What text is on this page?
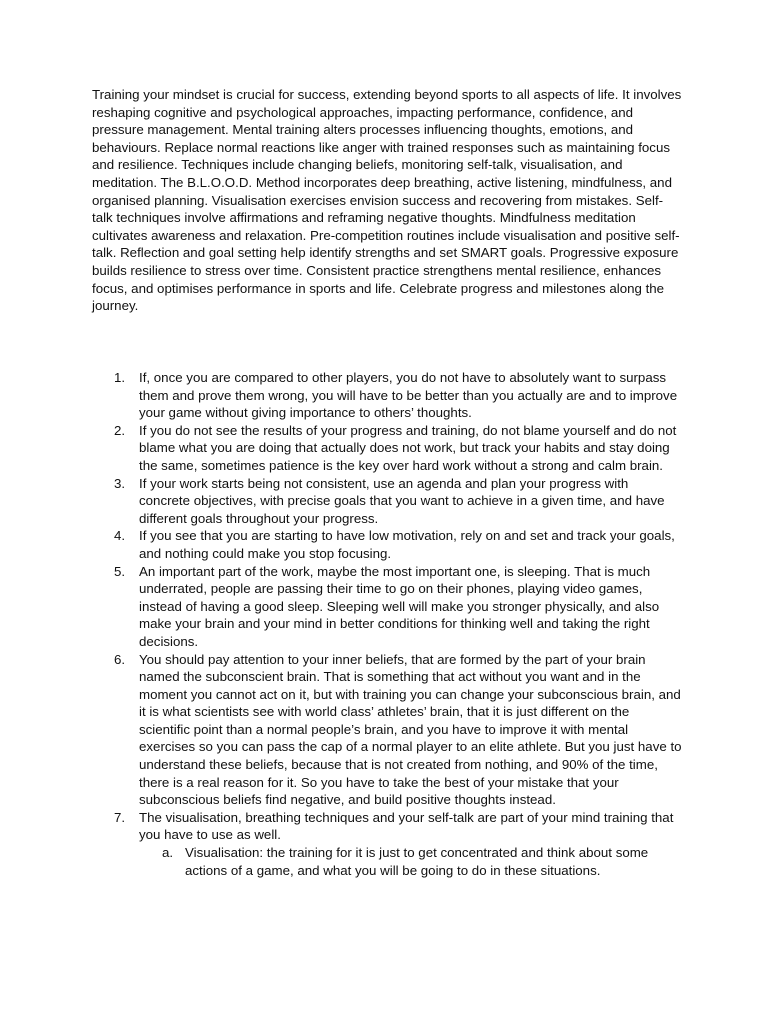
Training your mindset is crucial for success, extending beyond sports to all aspects of life. It involves reshaping cognitive and psychological approaches, impacting performance, confidence, and pressure management. Mental training alters processes influencing thoughts, emotions, and behaviours. Replace normal reactions like anger with trained responses such as maintaining focus and resilience. Techniques include changing beliefs, monitoring self-talk, visualisation, and meditation. The B.L.O.O.D. Method incorporates deep breathing, active listening, mindfulness, and organised planning. Visualisation exercises envision success and recovering from mistakes. Self-talk techniques involve affirmations and reframing negative thoughts. Mindfulness meditation cultivates awareness and relaxation. Pre-competition routines include visualisation and positive self-talk. Reflection and goal setting help identify strengths and set SMART goals. Progressive exposure builds resilience to stress over time. Consistent practice strengthens mental resilience, enhances focus, and optimises performance in sports and life. Celebrate progress and milestones along the journey.

1. If, once you are compared to other players, you do not have to absolutely want to surpass them and prove them wrong, you will have to be better than you actually are and to improve your game without giving importance to others’ thoughts.
2. If you do not see the results of your progress and training, do not blame yourself and do not blame what you are doing that actually does not work, but track your habits and stay doing the same, sometimes patience is the key over hard work without a strong and calm brain.
3. If your work starts being not consistent, use an agenda and plan your progress with concrete objectives, with precise goals that you want to achieve in a given time, and have different goals throughout your progress.
4. If you see that you are starting to have low motivation, rely on and set and track your goals, and nothing could make you stop focusing.
5. An important part of the work, maybe the most important one, is sleeping. That is much underrated, people are passing their time to go on their phones, playing video games, instead of having a good sleep. Sleeping well will make you stronger physically, and also make your brain and your mind in better conditions for thinking well and taking the right decisions.
6. You should pay attention to your inner beliefs, that are formed by the part of your brain named the subconscient brain. That is something that act without you want and in the moment you cannot act on it, but with training you can change your subconscious brain, and it is what scientists see with world class’ athletes’ brain, that it is just different on the scientific point than a normal people’s brain, and you have to improve it with mental exercises so you can pass the cap of a normal player to an elite athlete. But you just have to understand these beliefs, because that is not created from nothing, and 90% of the time, there is a real reason for it. So you have to take the best of your mistake that your subconscious beliefs find negative, and build positive thoughts instead.
7. The visualisation, breathing techniques and your self-talk are part of your mind training that you have to use as well.
a. Visualisation: the training for it is just to get concentrated and think about some actions of a game, and what you will be going to do in these situations.
